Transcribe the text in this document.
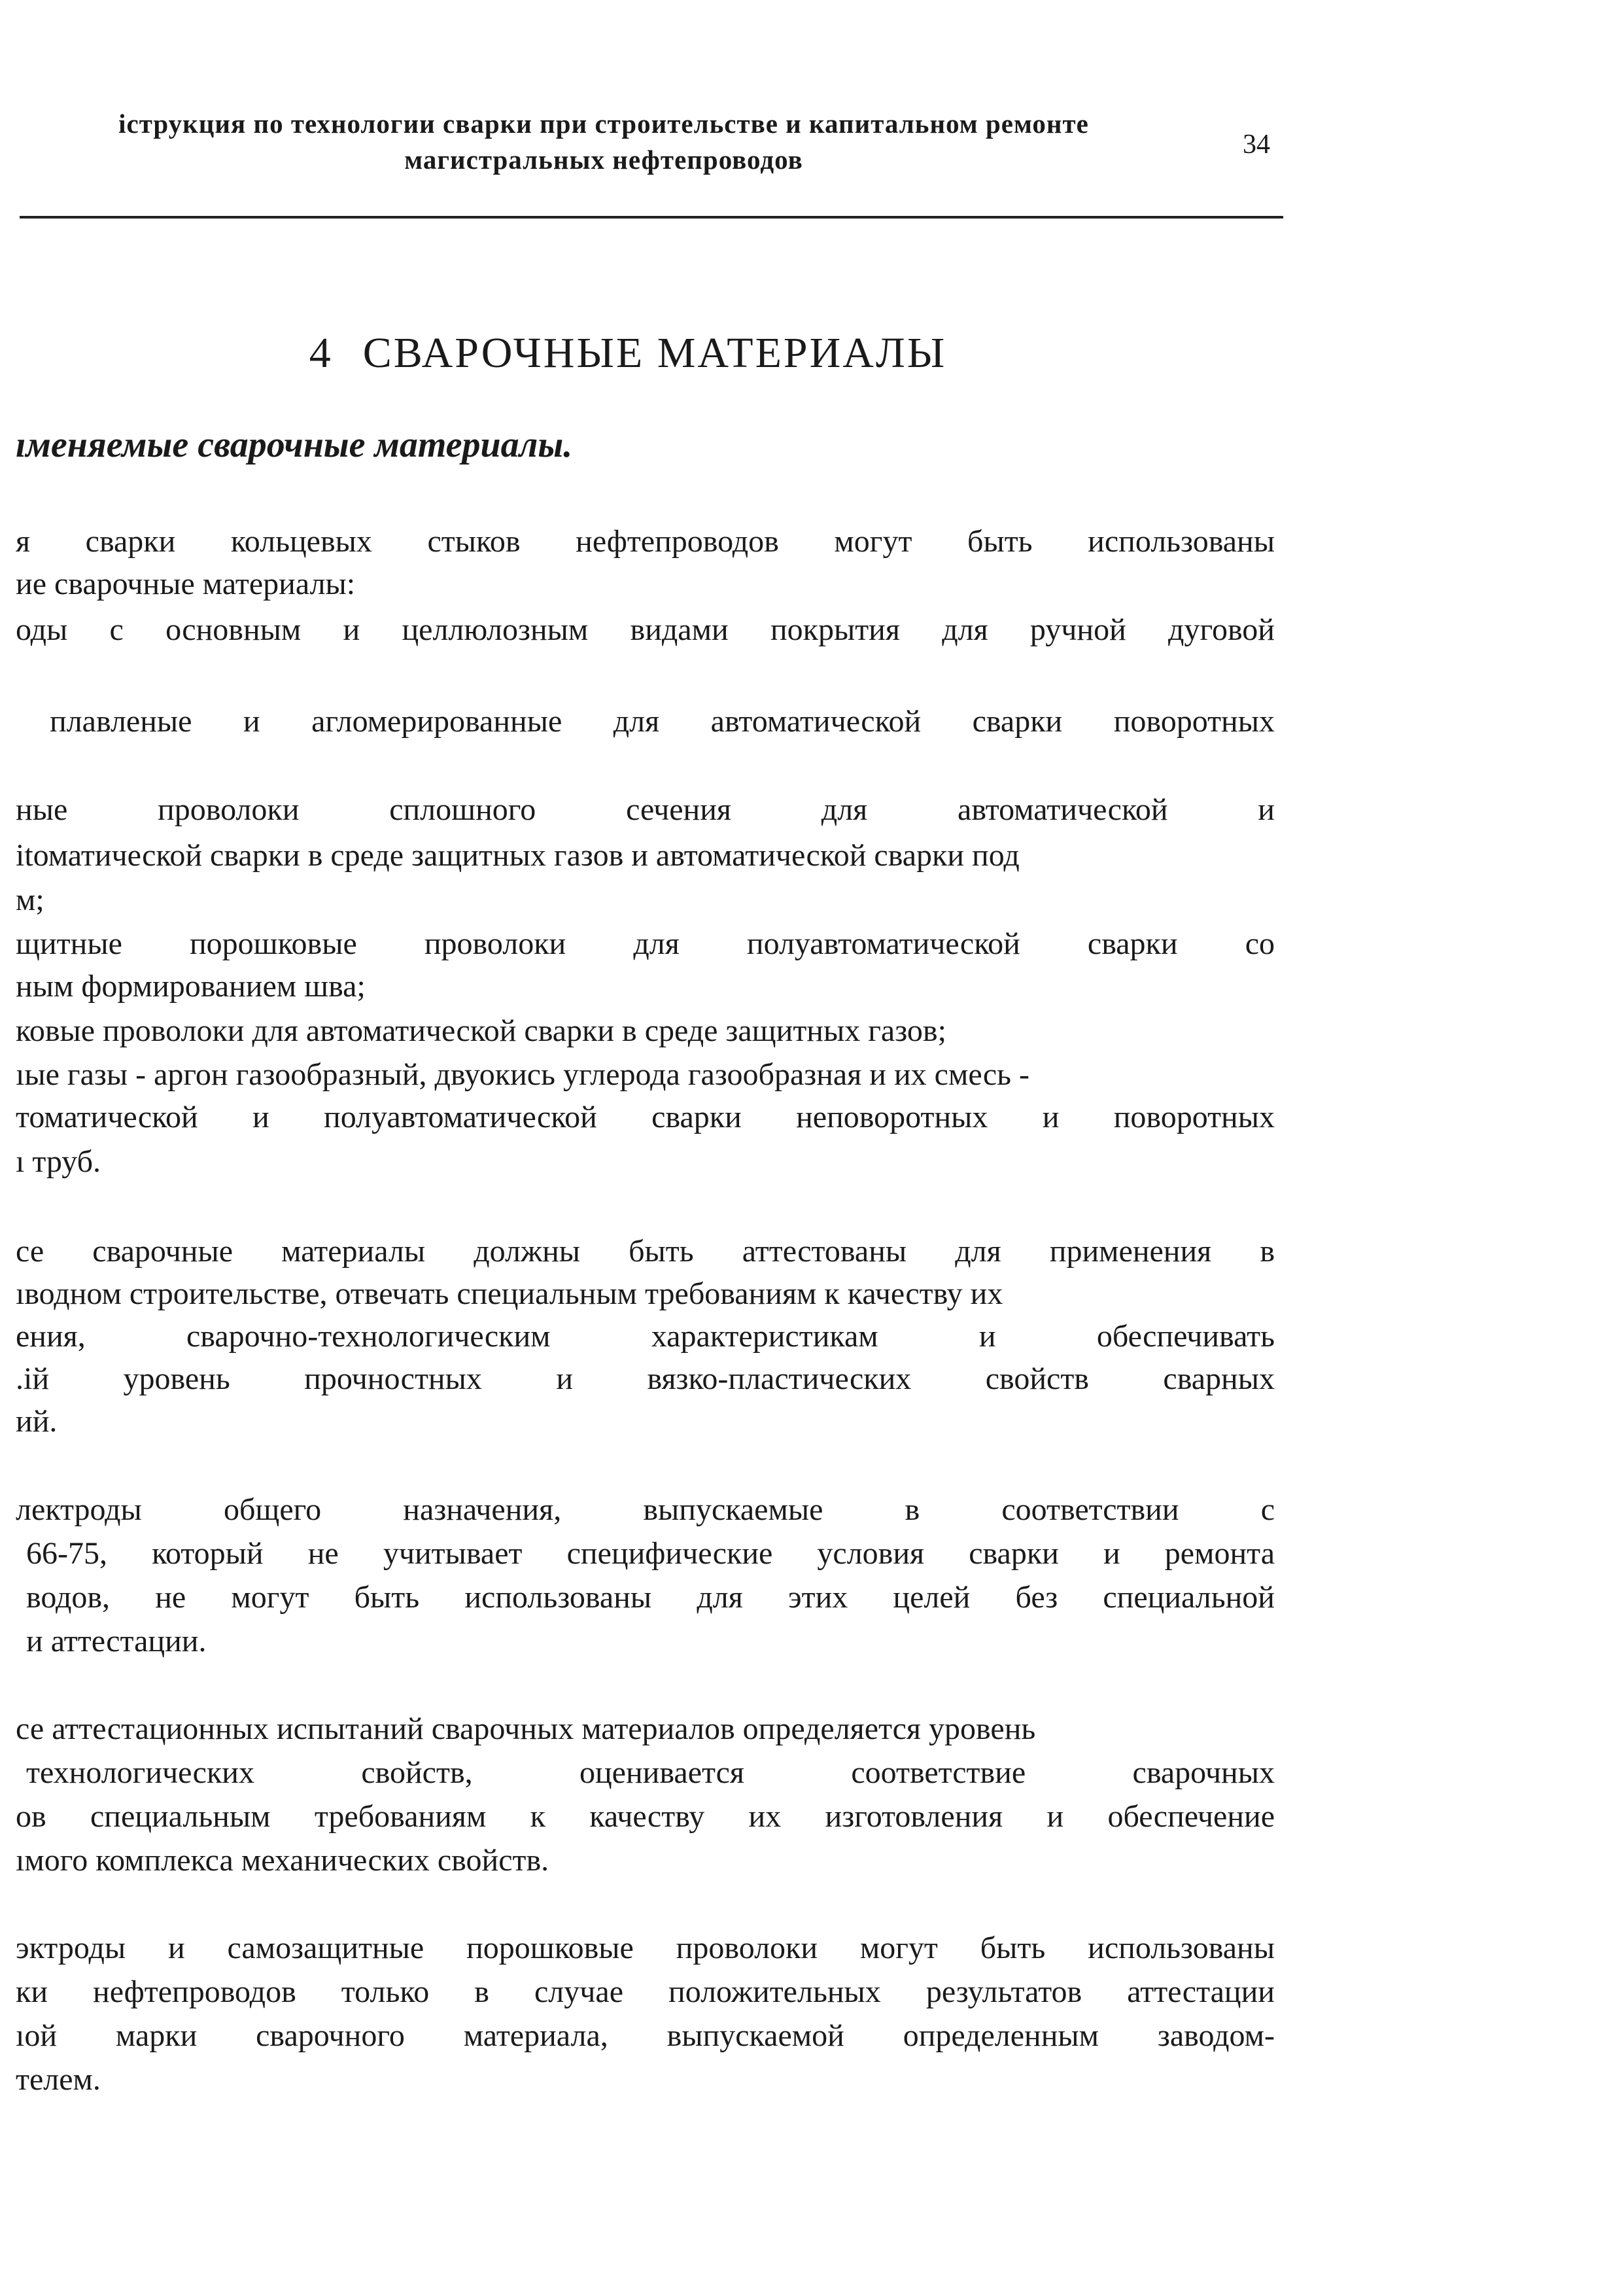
іструкция по технологии сварки при строительстве и капитальном ремонте
магистральных нефтепроводов	34
4 СВАРОЧНЫЕ МАТЕРИАЛЫ
ıменяемые сварочные материалы.
я сварки кольцевых стыков нефтепроводов могут быть использованы
ие сварочные материалы:
оды с основным и целлюлозным видами покрытия для ручной дуговой
плавленые и агломерированные для автоматической сварки поворотных
ные проволоки сплошного сечения для автоматической и
іtоматической сварки в среде защитных газов и автоматической сварки под
м;
щитные порошковые проволоки для полуавтоматической сварки со
ным формированием шва;
ковые проволоки для автоматической сварки в среде защитных газов;
ıые газы - аргон газообразный, двуокись углерода газообразная и их смесь -
томатической и полуавтоматической сварки неповоротных и поворотных
ı труб.
се сварочные материалы должны быть аттестованы для применения в
ıводном строительстве, отвечать специальным требованиям к качеству их
ения, сварочно-технологическим характеристикам и обеспечивать
.ій уровень прочностных и вязко-пластических свойств сварных
ий.
лектроды общего назначения, выпускаемые в соответствии с
66-75, который не учитывает специфические условия сварки и ремонта
водов, не могут быть использованы для этих целей без специальной
и аттестации.
се аттестационных испытаний сварочных материалов определяется уровень
технологических свойств, оценивается соответствие сварочных
ов специальным требованиям к качеству их изготовления и обеспечение
ıмого комплекса механических свойств.
эктроды и самозащитные порошковые проволоки могут быть использованы
ки нефтепроводов только в случае положительных результатов аттестации
ıой марки сварочного материала, выпускаемой определенным заводом-
телем.
